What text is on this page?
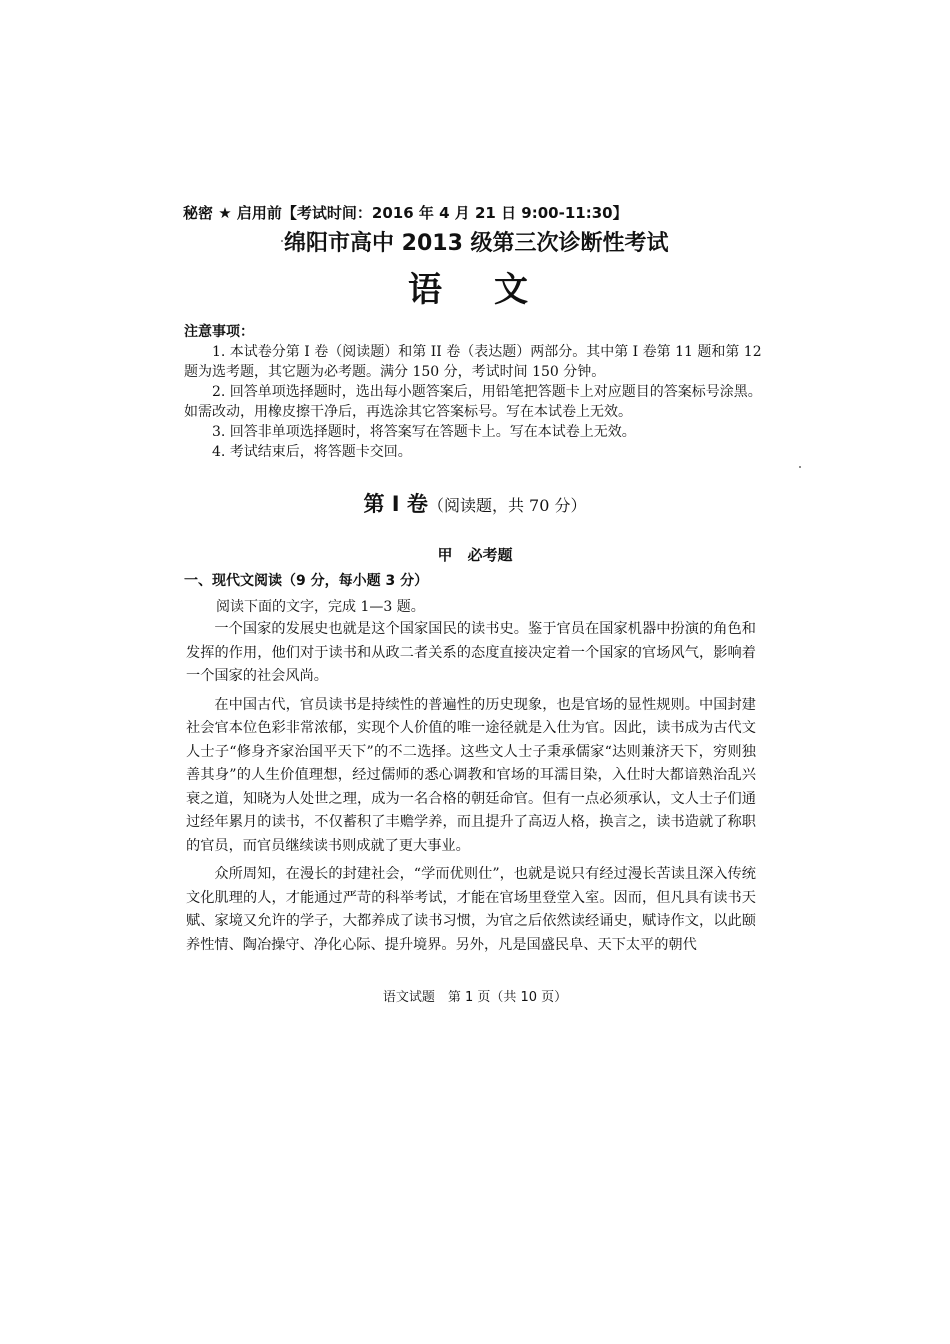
秘密 ★ 启用前【考试时间：2016 年 4 月 21 日 9:00-11:30】
绵阳市高中 2013 级第三次诊断性考试
语文
注意事项：
1. 本试卷分第 I 卷（阅读题）和第 II 卷（表达题）两部分。其中第 I 卷第 11 题和第 12 题为选考题，其它题为必考题。满分 150 分，考试时间 150 分钟。
2. 回答单项选择题时，选出每小题答案后，用铅笔把答题卡上对应题目的答案标号涂黑。如需改动，用橡皮擦干净后，再选涂其它答案标号。写在本试卷上无效。
3. 回答非单项选择题时，将答案写在答题卡上。写在本试卷上无效。
4. 考试结束后，将答题卡交回。
第 I 卷（阅读题，共 70 分）
甲　必考题
一、现代文阅读（9 分，每小题 3 分）
阅读下面的文字，完成 1—3 题。

一个国家的发展史也就是这个国家国民的读书史。鉴于官员在国家机器中扮演的角色和发挥的作用，他们对于读书和从政二者关系的态度直接决定着一个国家的官场风气，影响着一个国家的社会风尚。

在中国古代，官员读书是持续性的普遍性的历史现象，也是官场的显性规则。中国封建社会官本位色彩非常浓郁，实现个人价值的唯一途径就是入仕为官。因此，读书成为古代文人士子“修身齐家治国平天下”的不二选择。这些文人士子秉承儒家“达则兼济天下，穷则独善其身”的人生价值理想，经过儒师的悉心调教和官场的耳濡目染，入仕时大都谙熟治乱兴衰之道，知晓为人处世之理，成为一名合格的朝廷命官。但有一点必须承认，文人士子们通过经年累月的读书，不仅蓄积了丰赡学养，而且提升了高迈人格，换言之，读书造就了称职的官员，而官员继续读书则成就了更大事业。

众所周知，在漫长的封建社会，“学而优则仕”，也就是说只有经过漫长苦读且深入传统文化肌理的人，才能通过严苛的科举考试，才能在官场里登堂入室。因而，但凡具有读书天赋、家境又允许的学子，大都养成了读书习惯，为官之后依然读经诵史，赋诗作文，以此颐养性情、陶冶操守、净化心际、提升境界。另外，凡是国盛民阜、天下太平的朝代

语文试题　第 1 页（共 10 页）
